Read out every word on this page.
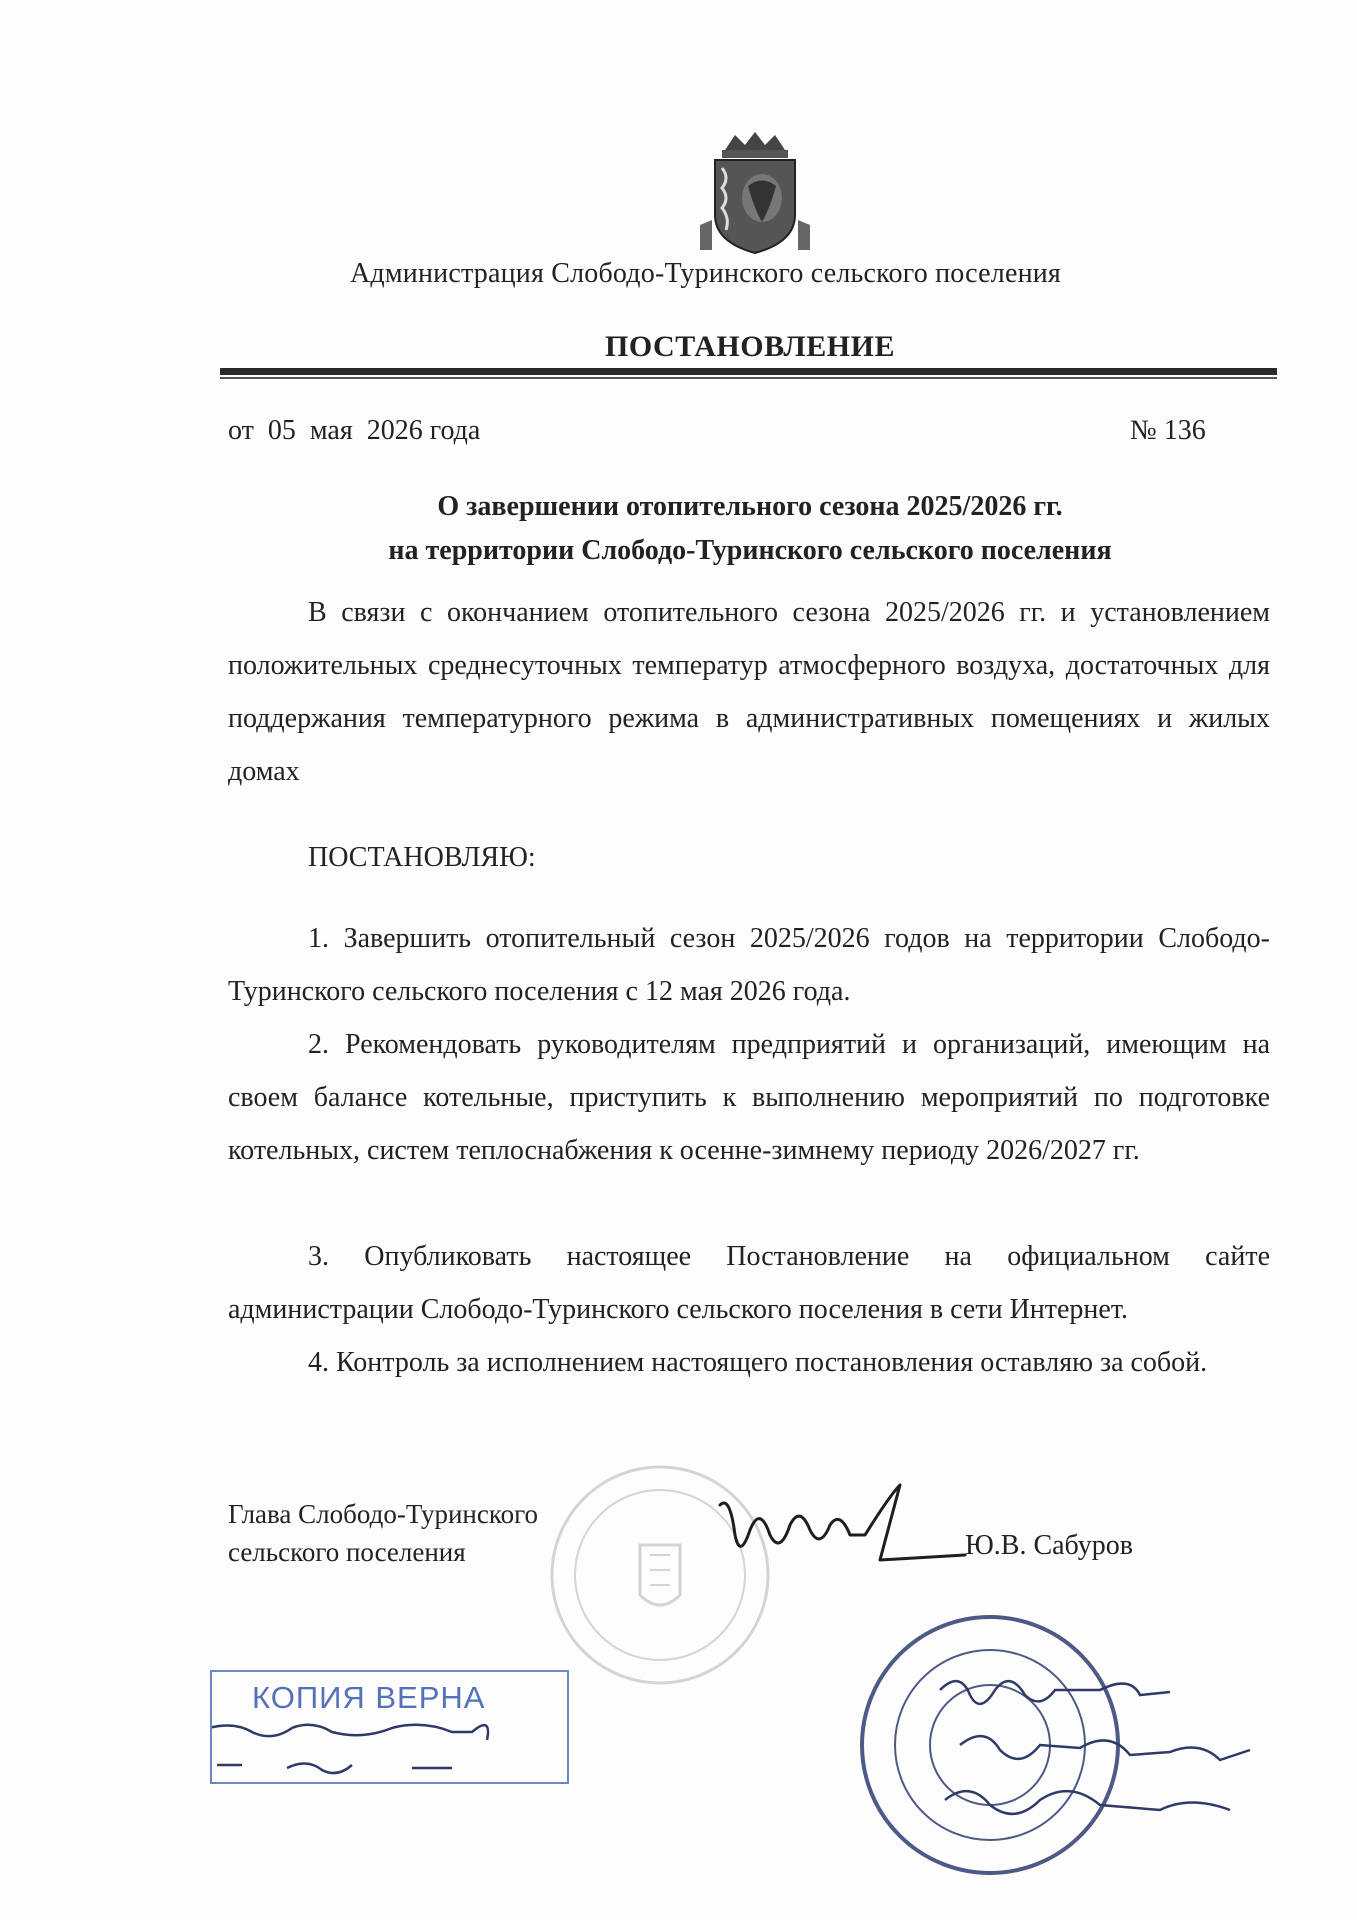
Администрация Слободо-Туринского сельского поселения
ПОСТАНОВЛЕНИЕ
от  05  мая  2026 года	№ 136
О завершении отопительного сезона 2025/2026 гг.
на территории Слободо-Туринского сельского поселения
В связи с окончанием отопительного сезона 2025/2026 гг. и установлением положительных среднесуточных температур атмосферного воздуха, достаточных для поддержания температурного режима в административных помещениях и жилых домах
ПОСТАНОВЛЯЮ:
1. Завершить отопительный сезон 2025/2026 годов на территории Слободо-Туринского сельского поселения с 12 мая 2026 года.
2. Рекомендовать руководителям предприятий и организаций, имеющим на своем балансе котельные, приступить к выполнению мероприятий по подготовке котельных, систем теплоснабжения к осенне-зимнему периоду 2026/2027 гг.
3. Опубликовать настоящее Постановление на официальном сайте администрации Слободо-Туринского сельского поселения в сети Интернет.
4. Контроль за исполнением настоящего постановления оставляю за собой.
Глава Слободо-Туринского
сельского поселения	Ю.В. Сабуров
КОПИЯ ВЕРНА
